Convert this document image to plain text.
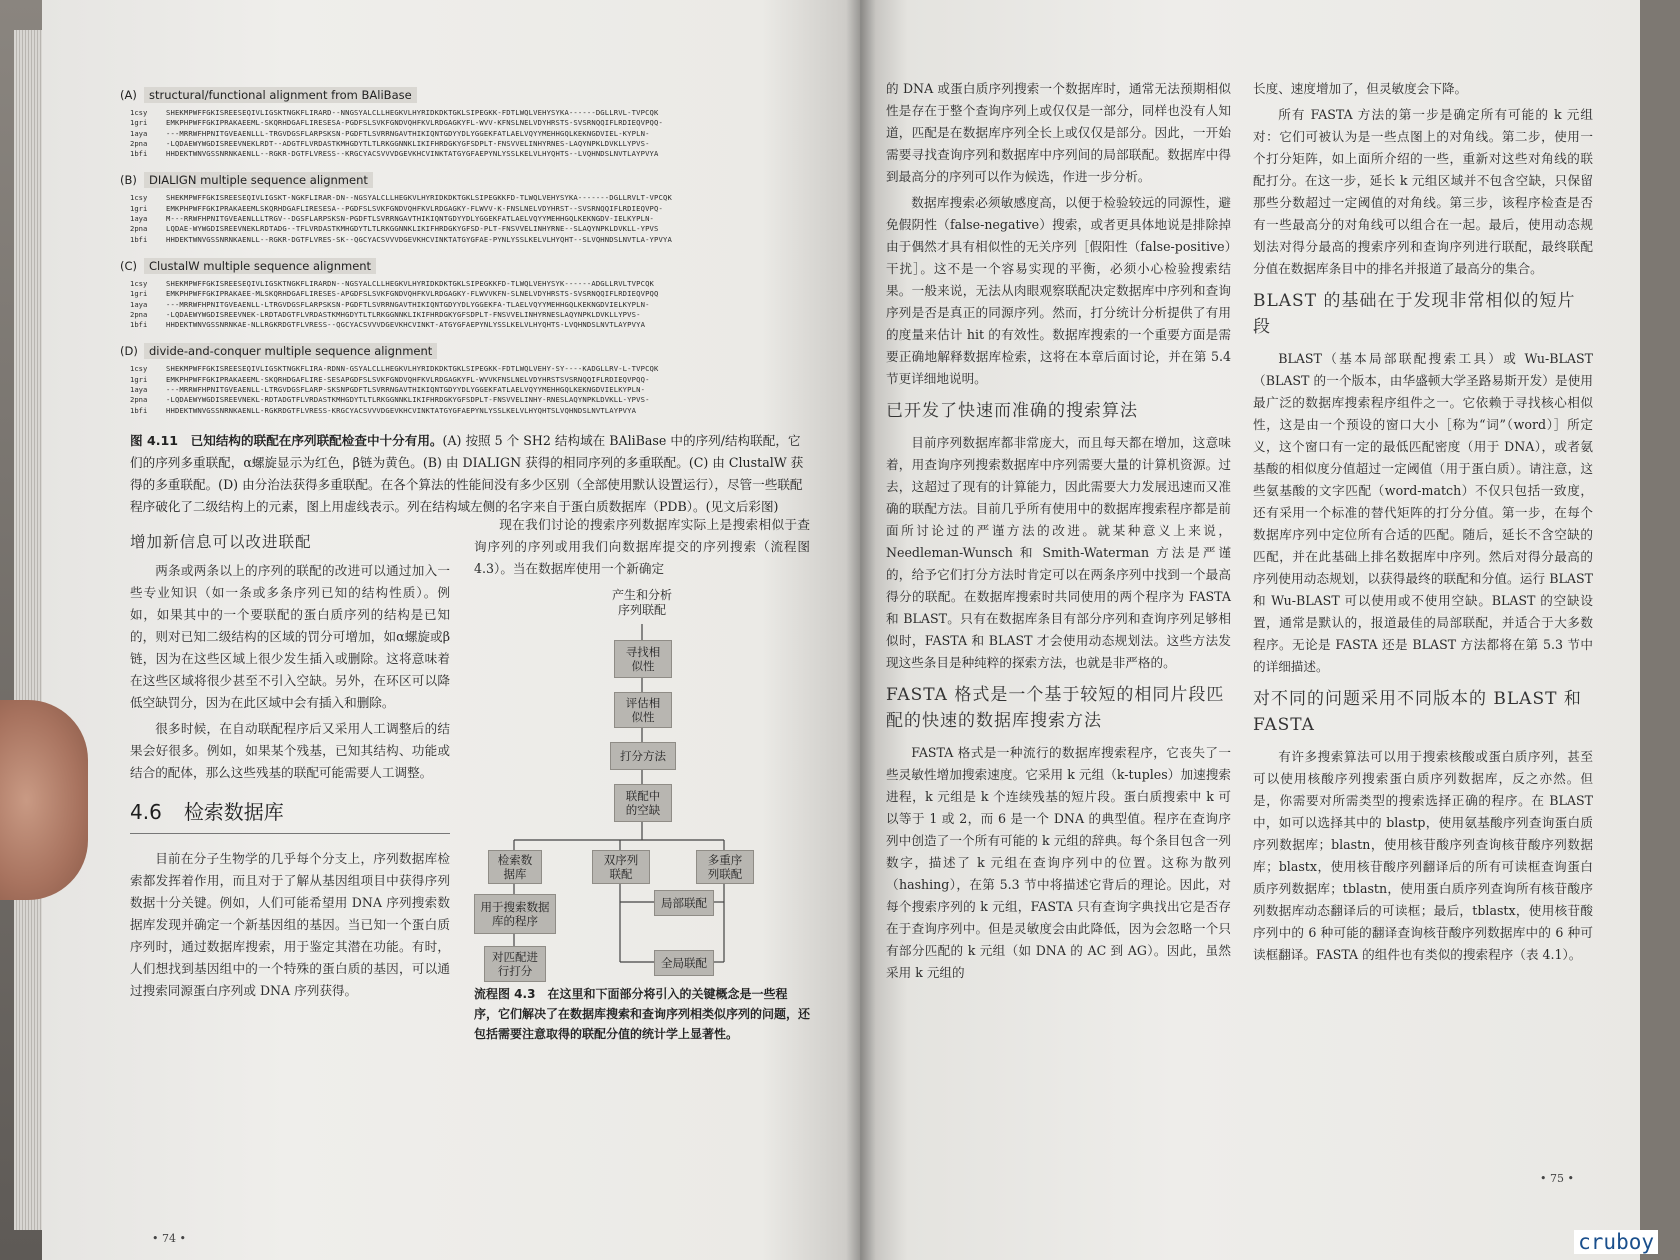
(A) structural/functional alignment from BAliBase
1csy	SHEKMPWFFGKISREESEQIVLIGSKTNGKFLIRARD--NNGSYALCLLHEGKVLHYRIDKDKTGKLSIPEGKK-FDTLWQLVEHYSYKA------DGLLRVL-TVPCQK
1gri	EMKPHPWFFGKIPRAKAEEML-SKQRHDGAFLIRESESA-PGDFSLSVKFGNDVQHFKVLRDGAGKYFL-WVV-KFNSLNELVDYHRSTS-SVSRNQQIFLRDIEQVPQQ-
1aya	---MRRWFHPNITGVEAENLLL-TRGVDGSFLARPSKSN-PGDFTLSVRRNGAVTHIKIQNTGDYYDLYGGEKFATLAELVQYYMEHHGQLKEKNGDVIEL-KYPLN-
2pna	-LQDAEWYWGDISREEVNEKLRDT--ADGTFLVRDASTKMHGDYTLTLRKGGNNKLIKIFHRDGKYGFSDPLT-FNSVVELINHYRNES-LAQYNPKLDVKLLYPVS-
1bfi	HHDEKTWNVGSSNRNKAENLL--RGKR-DGTFLVRESS--KRGCYACSVVVDGEVKHCVINKTATGYGFAEPYNLYSSLKELVLHYQHTS--LVQHNDSLNVTLAYPVYA
(B) DIALIGN multiple sequence alignment
1csy	SHEKMPWFFGKISREESEQIVLIGSKT-NGKFLIRAR-DN--NGSYALCLLHEGKVLHYRIDKDKTGKLSIPEGKKFD-TLWQLVEHYSYKA-------DGLLRVLT-VPCQK
1gri	EMKPHPWFFGKIPRAKAEEMLSKQRHDGAFLIRESESA--PGDFSLSVKFGNDVQHFKVLRDGAGKY-FLWVV-K-FNSLNELVDYHRST--SVSRNQQIFLRDIEQVPQ-
1aya	M---RRWFHPNITGVEAENLLLTRGV--DGSFLARPSKSN-PGDFTLSVRRNGAVTHIKIQNTGDYYDLYGGEKFATLAELVQYYMEHHGQLKEKNGDV-IELKYPLN-
2pna	LQDAE-WYWGDISREEVNEKLRDTADG--TFLVRDASTKMHGDYTLTLRKGGNNKLIKIFHRDGKYGFSD-PLT-FNSVVELINHYRNE--SLAQYNPKLDVKLL-YPVS
1bfi	HHDEKTWNVGSSNRNKAENLL--RGKR-DGTFLVRES-SK--QGCYACSVVVDGEVKHCVINKTATGYGFAE-PYNLYSSLKELVLHYQHT--SLVQHNDSLNVTLA-YPVYA
(C) ClustalW multiple sequence alignment
1csy	SHEKMPWFFGKISREESEQIVLIGSKTNGKFLIRARDN--NGSYALCLLHEGKVLHYRIDKDKTGKLSIPEGKKFD-TLWQLVEHYSYK------ADGLLRVLTVPCQK
1gri	EMKPHPWFFGKIPRAKAEE-MLSKQRHDGAFLIRESES-APGDFSLSVKFGNDVQHFKVLRDGAGKY-FLWVVKFN-SLNELVDYHRSTS-SVSRNQQIFLRDIEQVPQQ
1aya	---MRRWFHPNITGVEAENLL-LTRGVDGSFLARPSKSN-PGDFTLSVRRNGAVTHIKIQNTGDYYDLYGGEKFA-TLAELVQYYMEHHGQLKEKNGDVIELKYPLN-
2pna	-LQDAEWYWGDISREEVNEK-LRDTADGTFLVRDASTKMHGDYTLTLRKGGNNKLIKIFHRDGKYGFSDPLT-FNSVVELINHYRNESLAQYNPKLDVKLLYPVS-
1bfi	HHDEKTWNVGSSNRNKAE-NLLRGKRDGTFLVRESS--QGCYACSVVVDGEVKHCVINKT-ATGYGFAEPYNLYSSLKELVLHYQHTS-LVQHNDSLNVTLAYPVYA
(D) divide-and-conquer multiple sequence alignment
1csy	SHEKMPWFFGKISREESEQIVLIGSKTNGKFLIRA-RDNN-GSYALCLLHEGKVLHYRIDKDKTGKLSIPEGKK-FDTLWQLVEHY-SY----KADGLLRV-L-TVPCQK
1gri	EMKPHPWFFGKIPRAKAEEML-SKQRHDGAFLIRE-SESAPGDFSLSVKFGNDVQHFKVLRDGAGKYFL-WVVKFNSLNELVDYHRSTSVSRNQQIFLRDIEQVPQQ-
1aya	---MRRWFHPNITGVEAENLL-LTRGVDGSFLARP-SKSNPGDFTLSVRRNGAVTHIKIQNTGDYYDLYGGEKFATLAELVQYYMEHHGQLKEKNGDVIELKYPLN-
2pna	-LQDAEWYWGDISREEVNEKL-RDTADGTFLVRDASTKMHGDYTLTLRKGGNNKLIKIFHRDGKYGFSDPLT-FNSVVELINHY-RNESLAQYNPKLDVKLL-YPVS-
1bfi	HHDEKTWNVGSSNRNKAENLL-RGKRDGTFLVRESS-KRGCYACSVVVDGEVKHCVINKTATGYGFAEPYNLYSSLKELVLHYQHTSLVQHNDSLNVTLAYPVYA
图 4.11　已知结构的联配在序列联配检查中十分有用。(A) 按照 5 个 SH2 结构域在 BAliBase 中的序列/结构联配，它们的序列多重联配，α螺旋显示为红色，β链为黄色。(B) 由 DIALIGN 获得的相同序列的多重联配。(C) 由 ClustalW 获得的多重联配。(D) 由分治法获得多重联配。在各个算法的性能间没有多少区别（全部使用默认设置运行），尽管一些联配程序破化了二级结构上的元素，图上用虚线表示。列在结构域左侧的名字来自于蛋白质数据库（PDB）。(见文后彩图)
增加新信息可以改进联配

两条或两条以上的序列的联配的改进可以通过加入一些专业知识（如一条或多条序列已知的结构性质）。例如，如果其中的一个要联配的蛋白质序列的结构是已知的，则对已知二级结构的区域的罚分可增加，如α螺旋或β链，因为在这些区域上很少发生插入或删除。这将意味着在这些区域将很少甚至不引入空缺。另外，在环区可以降低空缺罚分，因为在此区域中会有插入和删除。

很多时候，在自动联配程序后又采用人工调整后的结果会好很多。例如，如果某个残基，已知其结构、功能或结合的配体，那么这些残基的联配可能需要人工调整。

4.6 检索数据库

目前在分子生物学的几乎每个分支上，序列数据库检索都发挥着作用，而且对于了解从基因组项目中获得序列数据十分关键。例如，人们可能希望用 DNA 序列搜索数据库发现并确定一个新基因组的基因。当已知一个蛋白质序列时，通过数据库搜索，用于鉴定其潜在功能。有时，人们想找到基因组中的一个特殊的蛋白质的基因，可以通过搜索同源蛋白序列或 DNA 序列获得。

现在我们讨论的搜索序列数据库实际上是搜索相似于查询序列的序列或用我们向数据库提交的序列搜索（流程图 4.3）。当在数据库使用一个新确定

产生和分析
序列联配
寻找相
似性
评估相
似性
打分方法
联配中
的空缺
检索数
据库
双序列
联配
多重序
列联配
用于搜索数据
库的程序
局部联配
对匹配进
行打分
全局联配
流程图 4.3　 在这里和下面部分将引入的关键概念是一些程序，它们解决了在数据库搜索和查询序列相类似序列的问题，还包括需要注意取得的联配分值的统计学上显著性。
• 74 •

的 DNA 或蛋白质序列搜索一个数据库时，通常无法预期相似性是存在于整个查询序列上或仅仅是一部分，同样也没有人知道，匹配是在数据库序列全长上或仅仅是部分。因此，一开始需要寻找查询序列和数据库中序列间的局部联配。数据库中得到最高分的序列可以作为候选，作进一步分析。

数据库搜索必须敏感度高，以便于检验较远的同源性，避免假阴性（false-negative）搜索，或者更具体地说是排除掉由于偶然才具有相似性的无关序列［假阳性（false-positive）干扰］。这不是一个容易实现的平衡，必须小心检验搜索结果。一般来说，无法从肉眼观察联配决定数据库中序列和查询序列是否是真正的同源序列。然而，打分统计分析提供了有用的度量来估计 hit 的有效性。数据库搜索的一个重要方面是需要正确地解释数据库检索，这将在本章后面讨论，并在第 5.4 节更详细地说明。

已开发了快速而准确的搜索算法

目前序列数据库都非常庞大，而且每天都在增加，这意味着，用查询序列搜索数据库中序列需要大量的计算机资源。过去，这超过了现有的计算能力，因此需要大力发展迅速而又准确的联配方法。目前几乎所有使用中的数据库搜索程序都是前面所讨论过的严谨方法的改进。就某种意义上来说，Needleman-Wunsch 和 Smith-Waterman 方法是严谨的，给予它们打分方法时肯定可以在两条序列中找到一个最高得分的联配。在数据库搜索时共同使用的两个程序为 FASTA 和 BLAST。只有在数据库条目有部分序列和查询序列足够相似时，FASTA 和 BLAST 才会使用动态规划法。这些方法发现这些条目是种纯粹的探索方法，也就是非严格的。

FASTA 格式是一个基于较短的相同片段匹配的快速的数据库搜索方法

FASTA 格式是一种流行的数据库搜索程序，它丧失了一些灵敏性增加搜索速度。它采用 k 元组（k-tuples）加速搜索进程，k 元组是 k 个连续残基的短片段。蛋白质搜索中 k 可以等于 1 或 2，而 6 是一个 DNA 的典型值。程序在查询序列中创造了一个所有可能的 k 元组的辞典。每个条目包含一列数字，描述了 k 元组在查询序列中的位置。这称为散列（hashing），在第 5.3 节中将描述它背后的理论。因此，对每个搜索序列的 k 元组，FASTA 只有查询字典找出它是否存在于查询序列中。但是灵敏度会由此降低，因为会忽略一个只有部分匹配的 k 元组（如 DNA 的 AC 到 AG）。因此，虽然采用 k 元组的

长度、速度增加了，但灵敏度会下降。

所有 FASTA 方法的第一步是确定所有可能的 k 元组对：它们可被认为是一些点图上的对角线。第二步，使用一个打分矩阵，如上面所介绍的一些，重新对这些对角线的联配打分。在这一步，延长 k 元组区域并不包含空缺，只保留那些分数超过一定阈值的对角线。第三步，该程序检查是否有一些最高分的对角线可以组合在一起。最后，使用动态规划法对得分最高的搜索序列和查询序列进行联配，最终联配分值在数据库条目中的排名并报道了最高分的集合。

BLAST 的基础在于发现非常相似的短片段

BLAST（基本局部联配搜索工具）或 Wu-BLAST（BLAST 的一个版本，由华盛顿大学圣路易斯开发）是使用最广泛的数据库搜索程序组件之一。它依赖于寻找核心相似性，这是由一个预设的窗口大小［称为“词”（word）］所定义，这个窗口有一定的最低匹配密度（用于 DNA），或者氨基酸的相似度分值超过一定阈值（用于蛋白质）。请注意，这些氨基酸的文字匹配（word-match）不仅只包括一致度，还有采用一个标准的替代矩阵的打分分值。第一步，在每个数据库序列中定位所有合适的匹配。随后，延长不含空缺的匹配，并在此基础上排名数据库中序列。然后对得分最高的序列使用动态规划，以获得最终的联配和分值。运行 BLAST 和 Wu-BLAST 可以使用或不使用空缺。BLAST 的空缺设置，通常是默认的，报道最佳的局部联配，并适合于大多数程序。无论是 FASTA 还是 BLAST 方法都将在第 5.3 节中的详细描述。

对不同的问题采用不同版本的 BLAST 和 FASTA

有许多搜索算法可以用于搜索核酸或蛋白质序列，甚至可以使用核酸序列搜索蛋白质序列数据库，反之亦然。但是，你需要对所需类型的搜索选择正确的程序。在 BLAST 中，如可以选择其中的 blastp，使用氨基酸序列查询蛋白质序列数据库；blastn，使用核苷酸序列查询核苷酸序列数据库；blastx，使用核苷酸序列翻译后的所有可读框查询蛋白质序列数据库；tblastn，使用蛋白质序列查询所有核苷酸序列数据库动态翻译后的可读框；最后，tblastx，使用核苷酸序列中的 6 种可能的翻译查询核苷酸序列数据库中的 6 种可读框翻译。FASTA 的组件也有类似的搜索程序（表 4.1）。

• 75 •
cruboy
